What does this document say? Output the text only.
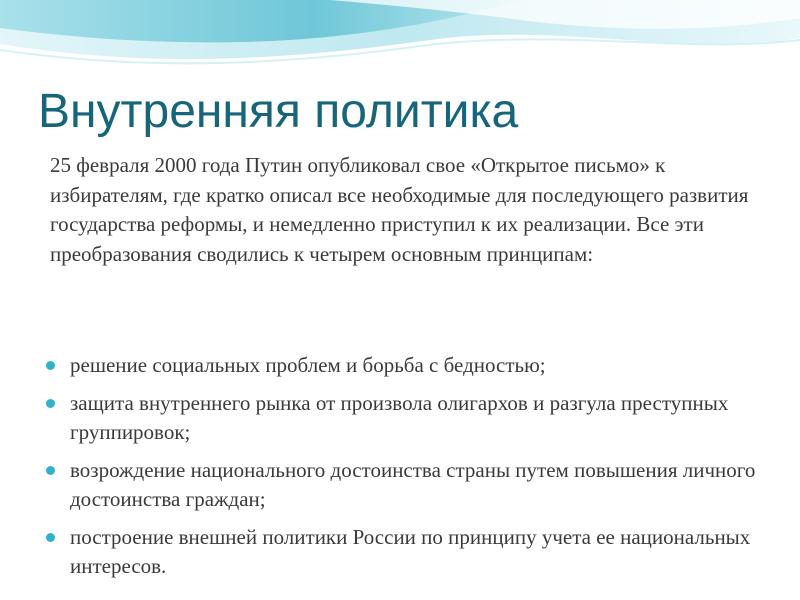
Внутренняя политика

25 февраля 2000 года Путин опубликовал свое «Открытое письмо» к избирателям, где кратко описал все необходимые для последующего развития государства реформы, и немедленно приступил к их реализации. Все эти преобразования сводились к четырем основным принципам:

решение социальных проблем и борьба с бедностью;
защита внутреннего рынка от произвола олигархов и разгула преступных группировок;
возрождение национального достоинства страны путем повышения личного достоинства граждан;
построение внешней политики России по принципу учета ее национальных интересов.
